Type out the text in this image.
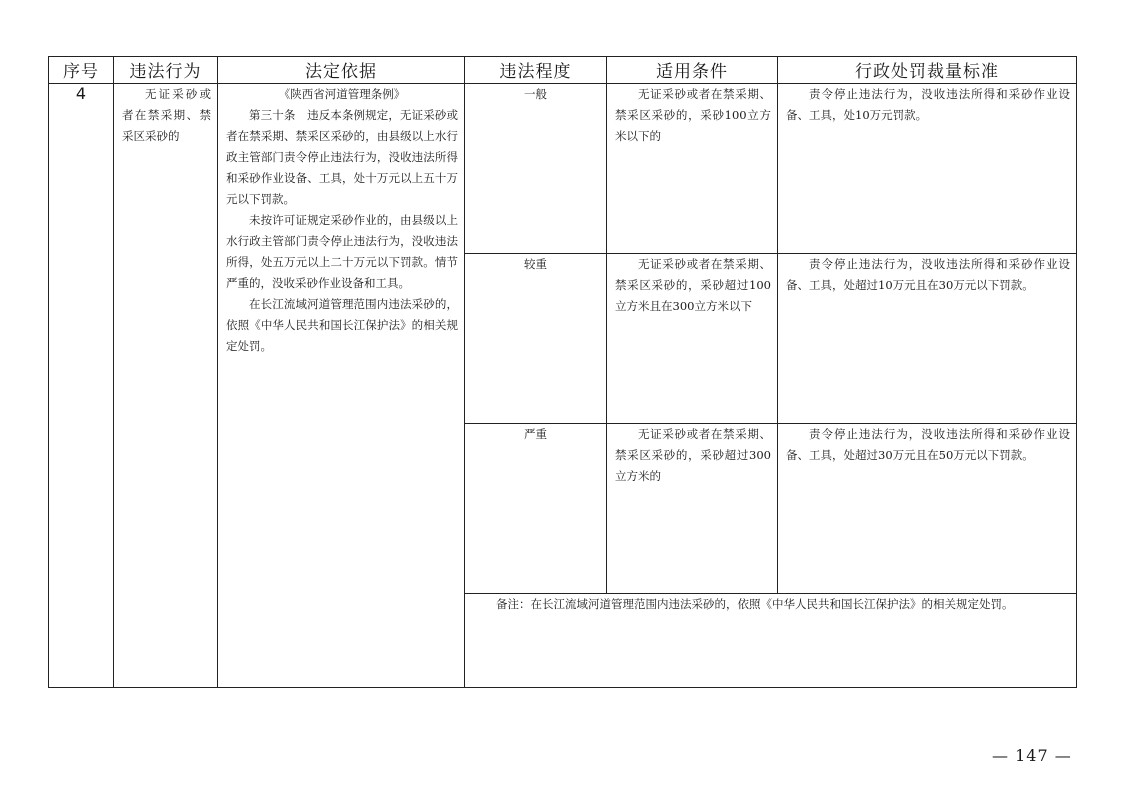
序号	违法行为	法定依据	违法程度	适用条件	行政处罚裁量标准
4	无证采砂或者在禁采期、禁采区采砂的	《陕西省河道管理条例》

第三十条　违反本条例规定，无证采砂或者在禁采期、禁采区采砂的，由县级以上水行政主管部门责令停止违法行为，没收违法所得和采砂作业设备、工具，处十万元以上五十万元以下罚款。

未按许可证规定采砂作业的，由县级以上水行政主管部门责令停止违法行为，没收违法所得，处五万元以上二十万元以下罚款。情节严重的，没收采砂作业设备和工具。

在长江流域河道管理范围内违法采砂的，依照《中华人民共和国长江保护法》的相关规定处罚。	一般	无证采砂或者在禁采期、禁采区采砂的，采砂100立方米以下的	责令停止违法行为，没收违法所得和采砂作业设备、工具，处10万元罚款。

			较重	无证采砂或者在禁采期、禁采区采砂的，采砂超过100立方米且在300立方米以下	责令停止违法行为，没收违法所得和采砂作业设备、工具，处超过10万元且在30万元以下罚款。

			严重	无证采砂或者在禁采期、禁采区采砂的，采砂超过300立方米的	责令停止违法行为，没收违法所得和采砂作业设备、工具，处超过30万元且在50万元以下罚款。

			备注：在长江流域河道管理范围内违法采砂的，依照《中华人民共和国长江保护法》的相关规定处罚。		
— 147 —
